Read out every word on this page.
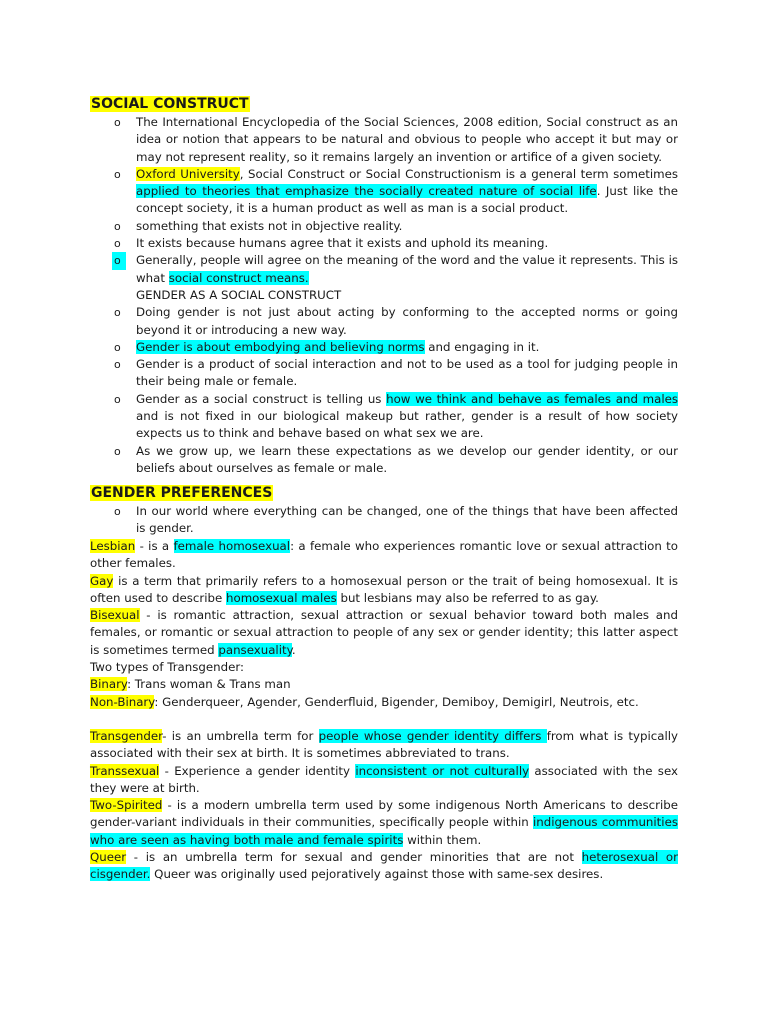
SOCIAL CONSTRUCT
o	The International Encyclopedia of the Social Sciences, 2008 edition, Social construct as an idea or notion that appears to be natural and obvious to people who accept it but may or may not represent reality, so it remains largely an invention or artifice of a given society.
o	Oxford University, Social Construct or Social Constructionism is a general term sometimes applied to theories that emphasize the socially created nature of social life. Just like the concept society, it is a human product as well as man is a social product.
o	something that exists not in objective reality.
o	It exists because humans agree that it exists and uphold its meaning.
o	Generally, people will agree on the meaning of the word and the value it represents. This is what social construct means.
GENDER AS A SOCIAL CONSTRUCT
o	Doing gender is not just about acting by conforming to the accepted norms or going beyond it or introducing a new way.
o	Gender is about embodying and believing norms and engaging in it.
o	Gender is a product of social interaction and not to be used as a tool for judging people in their being male or female.
o	Gender as a social construct is telling us how we think and behave as females and males and is not fixed in our biological makeup but rather, gender is a result of how society expects us to think and behave based on what sex we are.
o	As we grow up, we learn these expectations as we develop our gender identity, or our beliefs about ourselves as female or male.
GENDER PREFERENCES
o	In our world where everything can be changed, one of the things that have been affected is gender.
Lesbian - is a female homosexual: a female who experiences romantic love or sexual attraction to other females.
Gay is a term that primarily refers to a homosexual person or the trait of being homosexual. It is often used to describe homosexual males but lesbians may also be referred to as gay.
Bisexual - is romantic attraction, sexual attraction or sexual behavior toward both males and females, or romantic or sexual attraction to people of any sex or gender identity; this latter aspect is sometimes termed pansexuality.
Two types of Transgender:
Binary: Trans woman & Trans man
Non-Binary: Genderqueer, Agender, Genderfluid, Bigender, Demiboy, Demigirl, Neutrois, etc.
Transgender- is an umbrella term for people whose gender identity differs from what is typically associated with their sex at birth. It is sometimes abbreviated to trans.
Transsexual - Experience a gender identity inconsistent or not culturally associated with the sex they were at birth.
Two-Spirited - is a modern umbrella term used by some indigenous North Americans to describe gender-variant individuals in their communities, specifically people within indigenous communities who are seen as having both male and female spirits within them.
Queer - is an umbrella term for sexual and gender minorities that are not heterosexual or cisgender. Queer was originally used pejoratively against those with same-sex desires.
